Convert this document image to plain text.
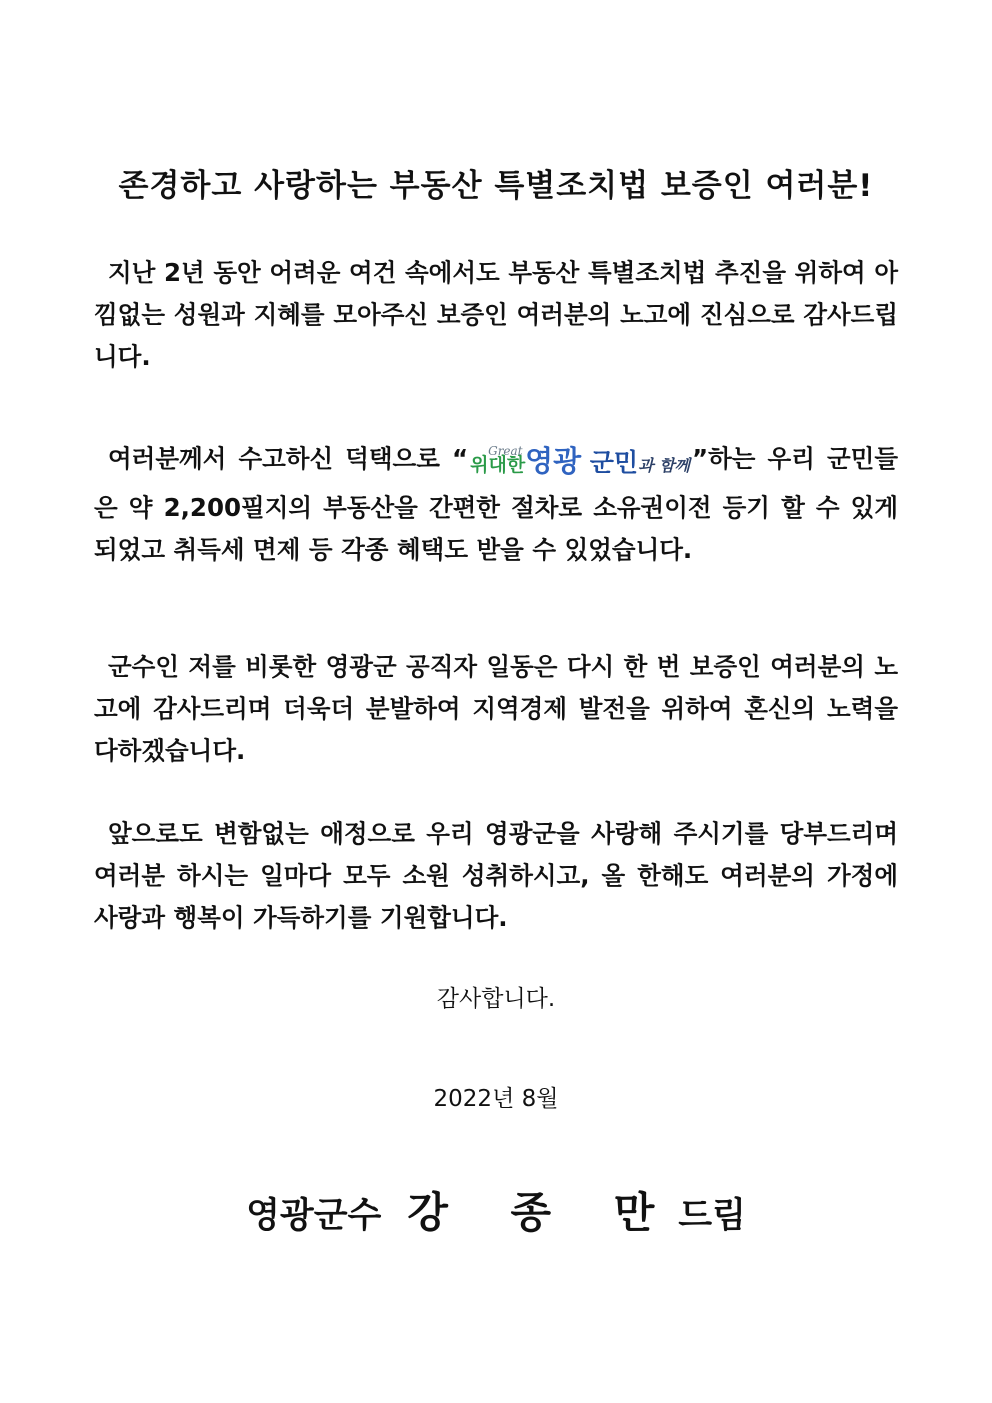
존경하고 사랑하는 부동산 특별조치법 보증인 여러분!
지난 2년 동안 어려운 여건 속에서도 부동산 특별조치법 추진을 위하여 아낌없는 성원과 지혜를 모아주신 보증인 여러분의 노고에 진심으로 감사드립니다.
여러분께서 수고하신 덕택으로 “ Great
위대한영광 군민과 함께”하는 우리 군민들은 약 2,200필지의 부동산을 간편한 절차로 소유권이전 등기 할 수 있게 되었고 취득세 면제 등 각종 혜택도 받을 수 있었습니다.
군수인 저를 비롯한 영광군 공직자 일동은 다시 한 번 보증인 여러분의 노고에 감사드리며 더욱더 분발하여 지역경제 발전을 위하여 혼신의 노력을 다하겠습니다.
앞으로도 변함없는 애정으로 우리 영광군을 사랑해 주시기를 당부드리며 여러분 하시는 일마다 모두 소원 성취하시고, 올 한해도 여러분의 가정에 사랑과 행복이 가득하기를 기원합니다.
감사합니다.
2022년 8월
영광군수 강 종 만드림
